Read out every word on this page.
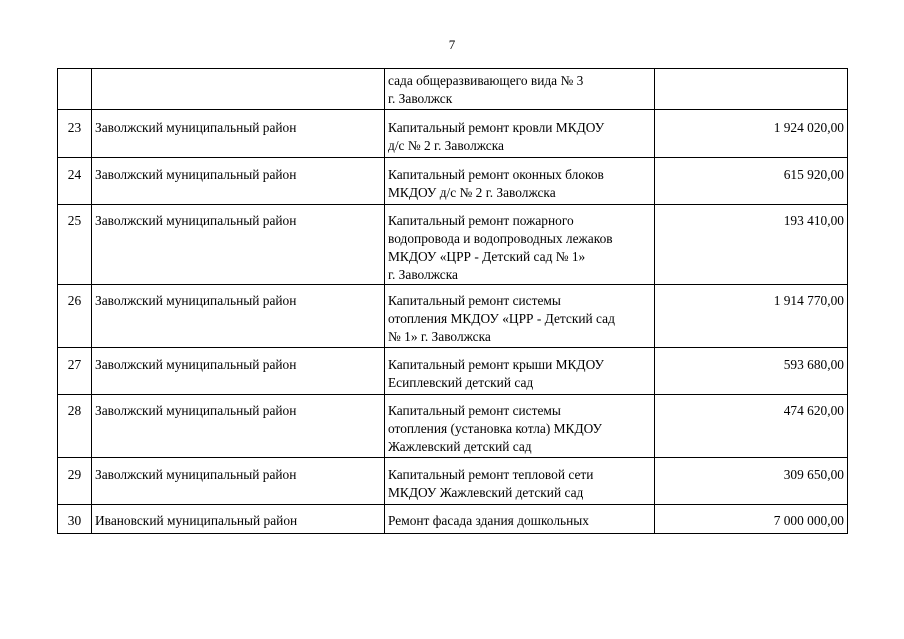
7

		сада общеразвивающего вида № 3
г. Заволжск	

23	Заволжский муниципальный район	Капитальный ремонт кровли МКДОУ
д/с № 2 г. Заволжска	1 924 020,00
24	Заволжский муниципальный район	Капитальный ремонт оконных блоков
МКДОУ д/с № 2 г. Заволжска	615 920,00
25	Заволжский муниципальный район	Капитальный ремонт пожарного
водопровода и водопроводных лежаков
МКДОУ «ЦРР - Детский сад № 1»
г. Заволжска	193 410,00
26	Заволжский муниципальный район	Капитальный ремонт системы
отопления МКДОУ «ЦРР - Детский сад
№ 1» г. Заволжска	1 914 770,00
27	Заволжский муниципальный район	Капитальный ремонт крыши МКДОУ
Есиплевский детский сад	593 680,00
28	Заволжский муниципальный район	Капитальный ремонт системы
отопления (установка котла) МКДОУ
Жажлевский детский сад	474 620,00
29	Заволжский муниципальный район	Капитальный ремонт тепловой сети
МКДОУ Жажлевский детский сад	309 650,00
30	Ивановский муниципальный район	Ремонт фасада здания дошкольных	7 000 000,00
